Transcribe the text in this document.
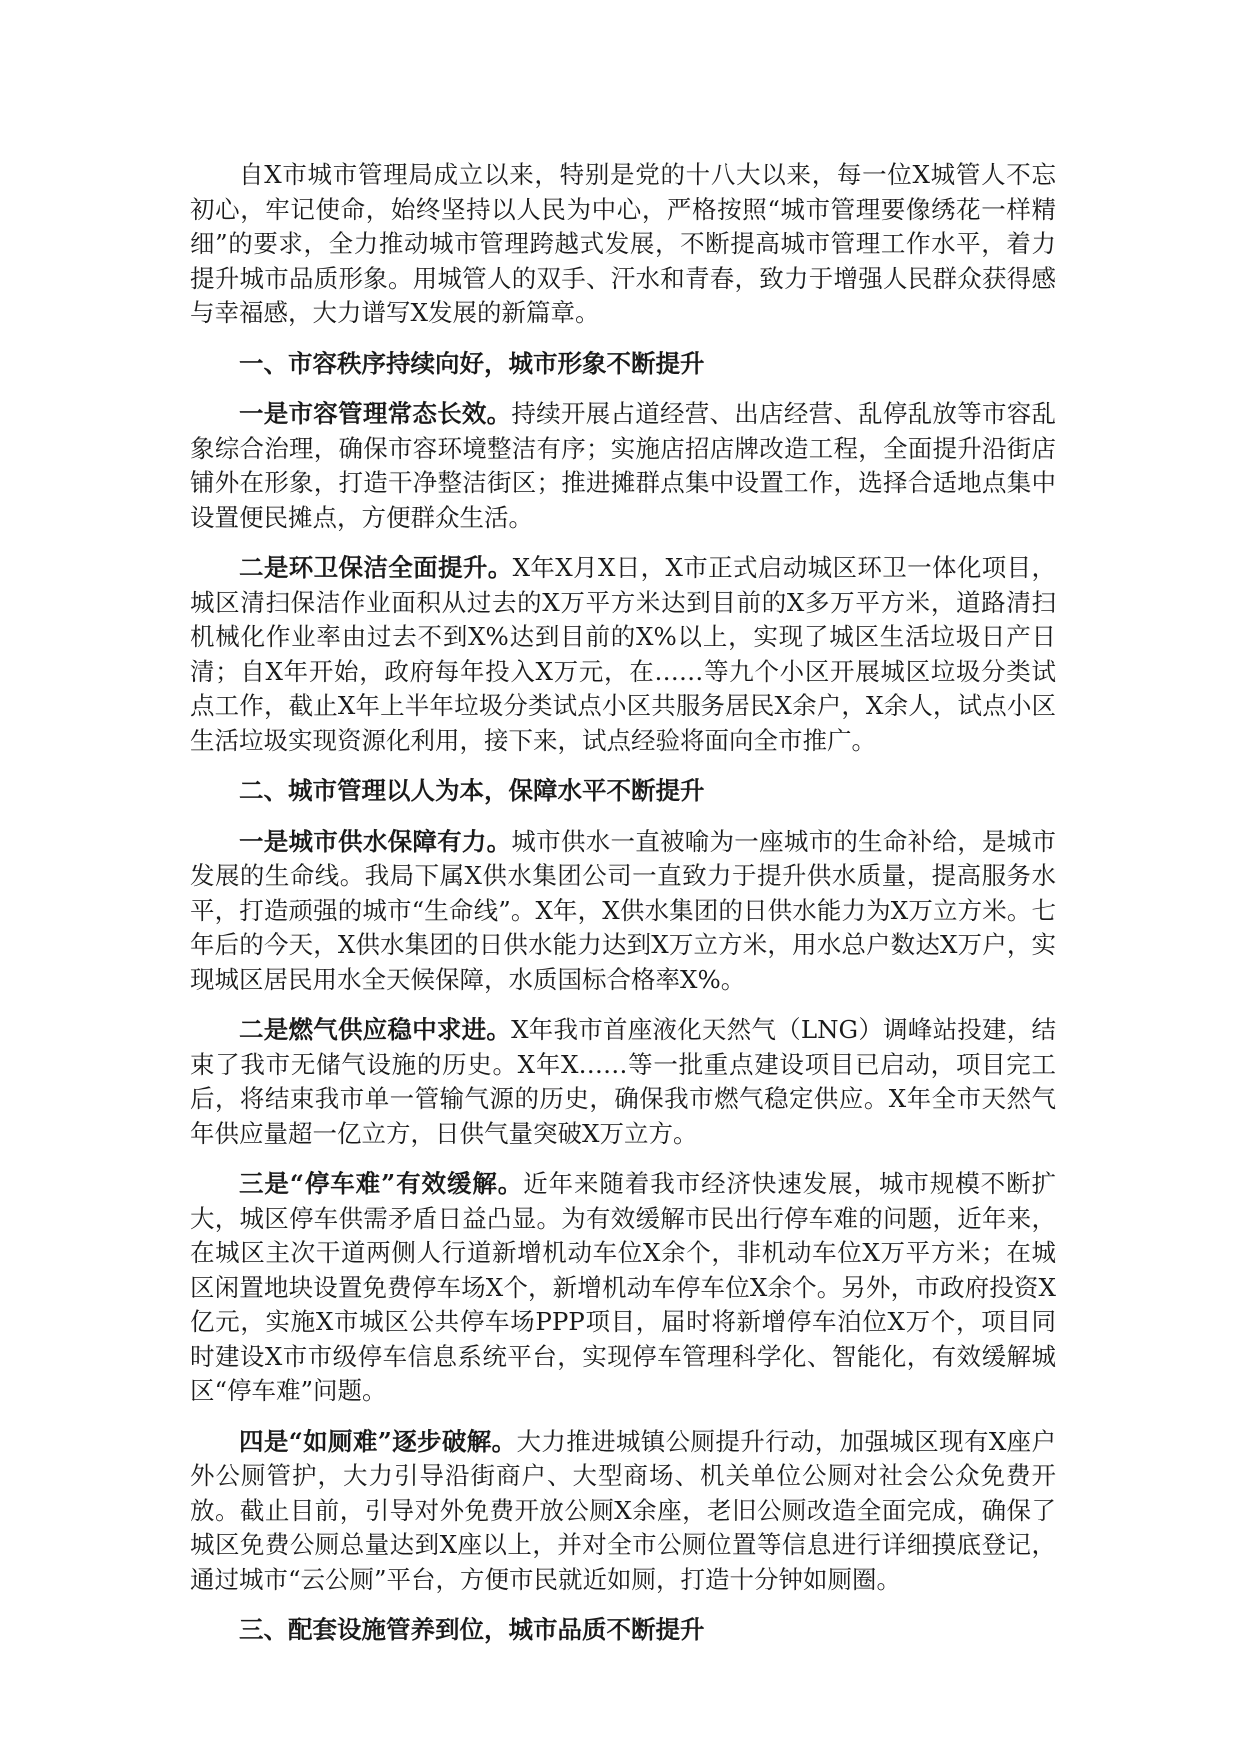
自X市城市管理局成立以来，特别是党的十八大以来，每一位X城管人不忘初心，牢记使命，始终坚持以人民为中心，严格按照“城市管理要像绣花一样精细”的要求，全力推动城市管理跨越式发展，不断提高城市管理工作水平，着力提升城市品质形象。用城管人的双手、汗水和青春，致力于增强人民群众获得感与幸福感，大力谱写X发展的新篇章。

一、市容秩序持续向好，城市形象不断提升

一是市容管理常态长效。持续开展占道经营、出店经营、乱停乱放等市容乱象综合治理，确保市容环境整洁有序；实施店招店牌改造工程，全面提升沿街店铺外在形象，打造干净整洁街区；推进摊群点集中设置工作，选择合适地点集中设置便民摊点，方便群众生活。

二是环卫保洁全面提升。X年X月X日，X市正式启动城区环卫一体化项目，城区清扫保洁作业面积从过去的X万平方米达到目前的X多万平方米，道路清扫机械化作业率由过去不到X%达到目前的X%以上，实现了城区生活垃圾日产日清；自X年开始，政府每年投入X万元，在……等九个小区开展城区垃圾分类试点工作，截止X年上半年垃圾分类试点小区共服务居民X余户，X余人，试点小区生活垃圾实现资源化利用，接下来，试点经验将面向全市推广。

二、城市管理以人为本，保障水平不断提升

一是城市供水保障有力。城市供水一直被喻为一座城市的生命补给，是城市发展的生命线。我局下属X供水集团公司一直致力于提升供水质量，提高服务水平，打造顽强的城市“生命线”。X年，X供水集团的日供水能力为X万立方米。七年后的今天，X供水集团的日供水能力达到X万立方米，用水总户数达X万户，实现城区居民用水全天候保障，水质国标合格率X%。

二是燃气供应稳中求进。X年我市首座液化天然气（LNG）调峰站投建，结束了我市无储气设施的历史。X年X……等一批重点建设项目已启动，项目完工后，将结束我市单一管输气源的历史，确保我市燃气稳定供应。X年全市天然气年供应量超一亿立方，日供气量突破X万立方。

三是“停车难”有效缓解。近年来随着我市经济快速发展，城市规模不断扩大，城区停车供需矛盾日益凸显。为有效缓解市民出行停车难的问题，近年来，在城区主次干道两侧人行道新增机动车位X余个，非机动车位X万平方米；在城区闲置地块设置免费停车场X个，新增机动车停车位X余个。另外，市政府投资X亿元，实施X市城区公共停车场PPP项目，届时将新增停车泊位X万个，项目同时建设X市市级停车信息系统平台，实现停车管理科学化、智能化，有效缓解城区“停车难”问题。

四是“如厕难”逐步破解。大力推进城镇公厕提升行动，加强城区现有X座户外公厕管护，大力引导沿街商户、大型商场、机关单位公厕对社会公众免费开放。截止目前，引导对外免费开放公厕X余座，老旧公厕改造全面完成，确保了城区免费公厕总量达到X座以上，并对全市公厕位置等信息进行详细摸底登记，通过城市“云公厕”平台，方便市民就近如厕，打造十分钟如厕圈。

三、配套设施管养到位，城市品质不断提升
